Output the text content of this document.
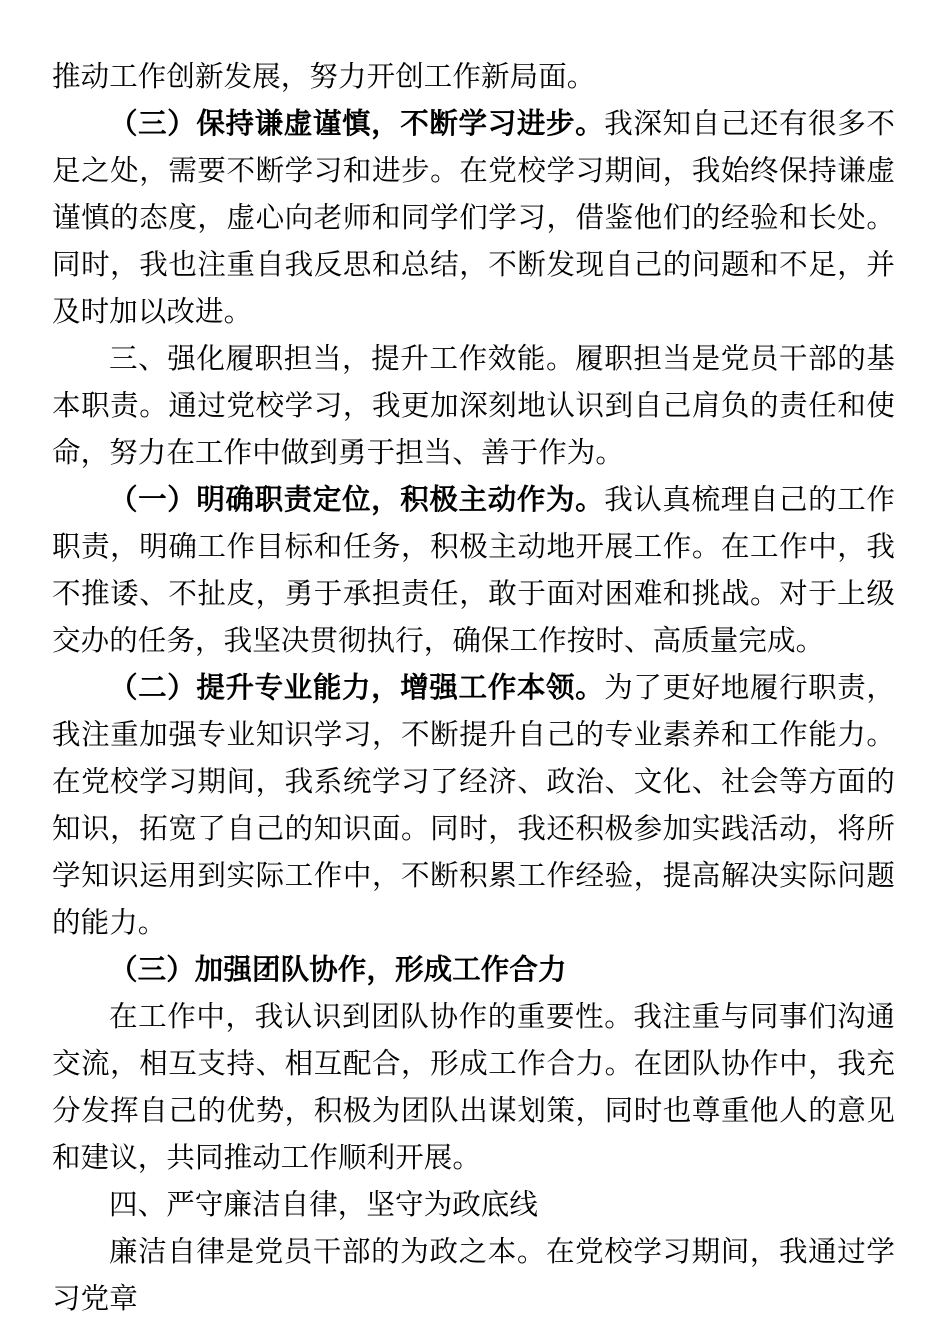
推动工作创新发展，努力开创工作新局面。

（三）保持谦虚谨慎，不断学习进步。我深知自己还有很多不足之处，需要不断学习和进步。在党校学习期间，我始终保持谦虚谨慎的态度，虚心向老师和同学们学习，借鉴他们的经验和长处。同时，我也注重自我反思和总结，不断发现自己的问题和不足，并及时加以改进。

三、强化履职担当，提升工作效能。履职担当是党员干部的基本职责。通过党校学习，我更加深刻地认识到自己肩负的责任和使命，努力在工作中做到勇于担当、善于作为。

（一）明确职责定位，积极主动作为。我认真梳理自己的工作职责，明确工作目标和任务，积极主动地开展工作。在工作中，我不推诿、不扯皮，勇于承担责任，敢于面对困难和挑战。对于上级交办的任务，我坚决贯彻执行，确保工作按时、高质量完成。

（二）提升专业能力，增强工作本领。为了更好地履行职责，我注重加强专业知识学习，不断提升自己的专业素养和工作能力。在党校学习期间，我系统学习了经济、政治、文化、社会等方面的知识，拓宽了自己的知识面。同时，我还积极参加实践活动，将所学知识运用到实际工作中，不断积累工作经验，提高解决实际问题的能力。

（三）加强团队协作，形成工作合力

在工作中，我认识到团队协作的重要性。我注重与同事们沟通交流，相互支持、相互配合，形成工作合力。在团队协作中，我充分发挥自己的优势，积极为团队出谋划策，同时也尊重他人的意见和建议，共同推动工作顺利开展。

四、严守廉洁自律，坚守为政底线

廉洁自律是党员干部的为政之本。在党校学习期间，我通过学习党章
